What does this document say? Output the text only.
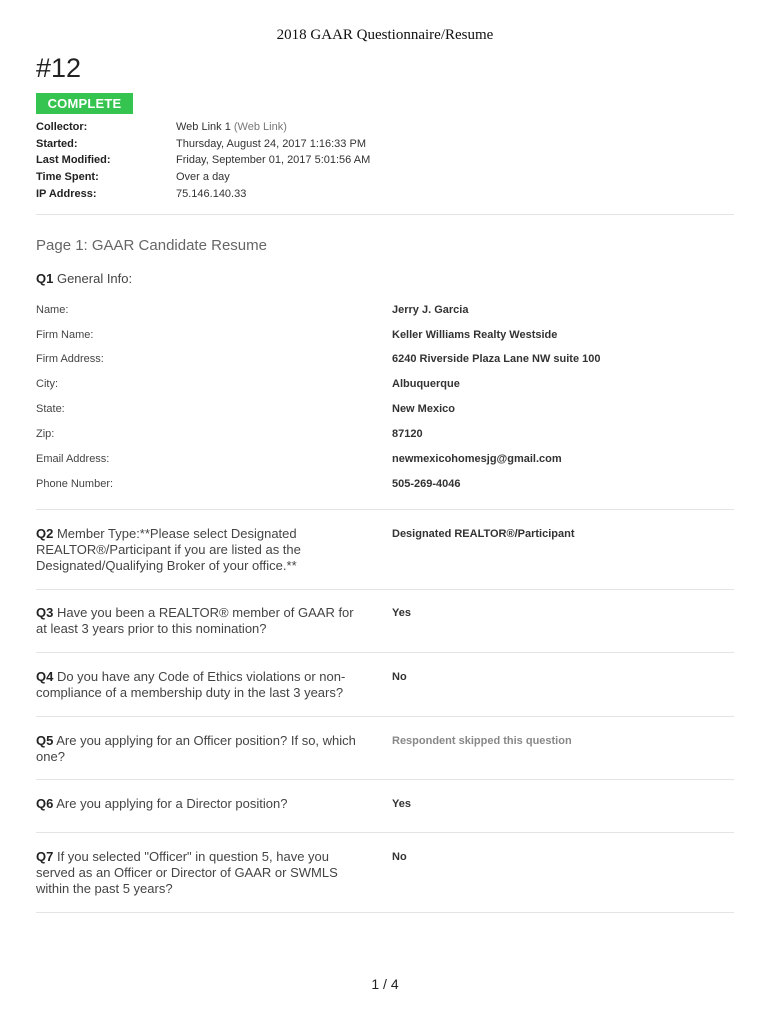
2018 GAAR Questionnaire/Resume
#12
COMPLETE
Collector:	Web Link 1 (Web Link)
Started:	Thursday, August 24, 2017 1:16:33 PM
Last Modified:	Friday, September 01, 2017 5:01:56 AM
Time Spent:	Over a day
IP Address:	75.146.140.33
Page 1: GAAR Candidate Resume
Q1 General Info:
Name:	Jerry J. Garcia
Firm Name:	Keller Williams Realty Westside
Firm Address:	6240 Riverside Plaza Lane NW suite 100
City:	Albuquerque
State:	New Mexico
Zip:	87120
Email Address:	newmexicohomesjg@gmail.com
Phone Number:	505-269-4046
Q2 Member Type:**Please select Designated
REALTOR®/Participant if you are listed as the
Designated/Qualifying Broker of your office.**
Designated REALTOR®/Participant
Q3 Have you been a REALTOR® member of GAAR for
at least 3 years prior to this nomination?
Yes
Q4 Do you have any Code of Ethics violations or non-
compliance of a membership duty in the last 3 years?
No
Q5 Are you applying for an Officer position? If so, which
one?
Respondent skipped this question
Q6 Are you applying for a Director position?	Yes
Q7 If you selected "Officer" in question 5, have you
served as an Officer or Director of GAAR or SWMLS
within the past 5 years?
No
1 / 4
